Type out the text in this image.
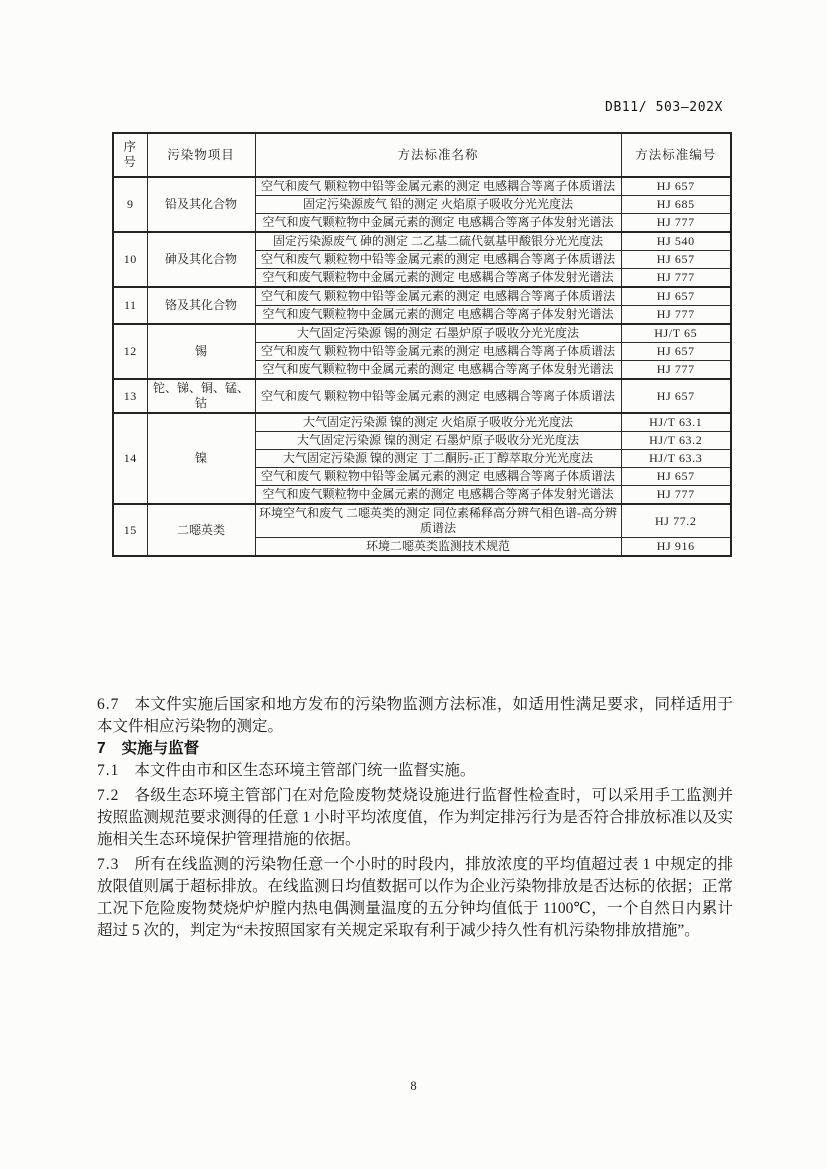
DB11/ 503—202X
序号	污染物项目	方法标准名称	方法标准编号
9	铅及其化合物	空气和废气 颗粒物中铅等金属元素的测定 电感耦合等离子体质谱法	HJ 657
		固定污染源废气 铅的测定 火焰原子吸收分光光度法	HJ 685
		空气和废气颗粒物中金属元素的测定 电感耦合等离子体发射光谱法	HJ 777
10	砷及其化合物	固定污染源废气 砷的测定 二乙基二硫代氨基甲酸银分光光度法	HJ 540
		空气和废气 颗粒物中铅等金属元素的测定 电感耦合等离子体质谱法	HJ 657
		空气和废气颗粒物中金属元素的测定 电感耦合等离子体发射光谱法	HJ 777
11	铬及其化合物	空气和废气 颗粒物中铅等金属元素的测定 电感耦合等离子体质谱法	HJ 657
		空气和废气颗粒物中金属元素的测定 电感耦合等离子体发射光谱法	HJ 777
12	锡	大气固定污染源 锡的测定 石墨炉原子吸收分光光度法	HJ/T 65
		空气和废气 颗粒物中铅等金属元素的测定 电感耦合等离子体质谱法	HJ 657
		空气和废气颗粒物中金属元素的测定 电感耦合等离子体发射光谱法	HJ 777
13	铊、锑、铜、锰、钴	空气和废气 颗粒物中铅等金属元素的测定 电感耦合等离子体质谱法	HJ 657
14	镍	大气固定污染源 镍的测定 火焰原子吸收分光光度法	HJ/T 63.1
		大气固定污染源 镍的测定 石墨炉原子吸收分光光度法	HJ/T 63.2
		大气固定污染源 镍的测定 丁二酮肟-正丁醇萃取分光光度法	HJ/T 63.3
		空气和废气 颗粒物中铅等金属元素的测定 电感耦合等离子体质谱法	HJ 657
		空气和废气颗粒物中金属元素的测定 电感耦合等离子体发射光谱法	HJ 777
15	二噁英类	环境空气和废气 二噁英类的测定 同位素稀释高分辨气相色谱-高分辨质谱法	HJ 77.2
		环境二噁英类监测技术规范	HJ 916

6.7 本文件实施后国家和地方发布的污染物监测方法标准，如适用性满足要求，同样适用于本文件相应污染物的测定。

7 实施与监督

7.1 本文件由市和区生态环境主管部门统一监督实施。

7.2 各级生态环境主管部门在对危险废物焚烧设施进行监督性检查时，可以采用手工监测并按照监测规范要求测得的任意 1 小时平均浓度值，作为判定排污行为是否符合排放标准以及实施相关生态环境保护管理措施的依据。

7.3 所有在线监测的污染物任意一个小时的时段内，排放浓度的平均值超过表 1 中规定的排放限值则属于超标排放。在线监测日均值数据可以作为企业污染物排放是否达标的依据；正常工况下危险废物焚烧炉炉膛内热电偶测量温度的五分钟均值低于 1100℃，一个自然日内累计超过 5 次的，判定为“未按照国家有关规定采取有利于减少持久性有机污染物排放措施”。

8
